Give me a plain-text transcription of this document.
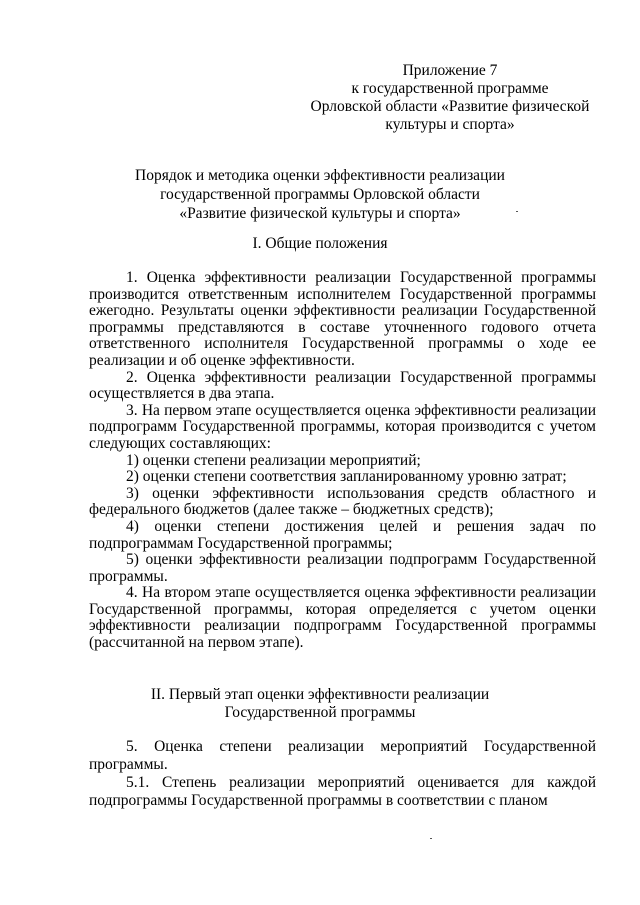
Приложение 7
к государственной программе
Орловской области «Развитие физической
культуры и спорта»
Порядок и методика оценки эффективности реализации
государственной программы Орловской области
«Развитие физической культуры и спорта»
I. Общие положения

1. Оценка эффективности реализации Государственной программы производится ответственным исполнителем Государственной программы ежегодно. Результаты оценки эффективности реализации Государственной программы представляются в составе уточненного годового отчета ответственного исполнителя Государственной программы о ходе ее реализации и об оценке эффективности.

2. Оценка эффективности реализации Государственной программы осуществляется в два этапа.

3. На первом этапе осуществляется оценка эффективности реализации подпрограмм Государственной программы, которая производится с учетом следующих составляющих:

1) оценки степени реализации мероприятий;

2) оценки степени соответствия запланированному уровню затрат;

3) оценки эффективности использования средств областного и федерального бюджетов (далее также – бюджетных средств);

4) оценки степени достижения целей и решения задач по подпрограммам Государственной программы;

5) оценки эффективности реализации подпрограмм Государственной программы.

4. На втором этапе осуществляется оценка эффективности реализации Государственной программы, которая определяется с учетом оценки эффективности реализации подпрограмм Государственной программы (рассчитанной на первом этапе).

II. Первый этап оценки эффективности реализации
Государственной программы

5. Оценка степени реализации мероприятий Государственной программы.

5.1. Степень реализации мероприятий оценивается для каждой подпрограммы Государственной программы в соответствии с планом
